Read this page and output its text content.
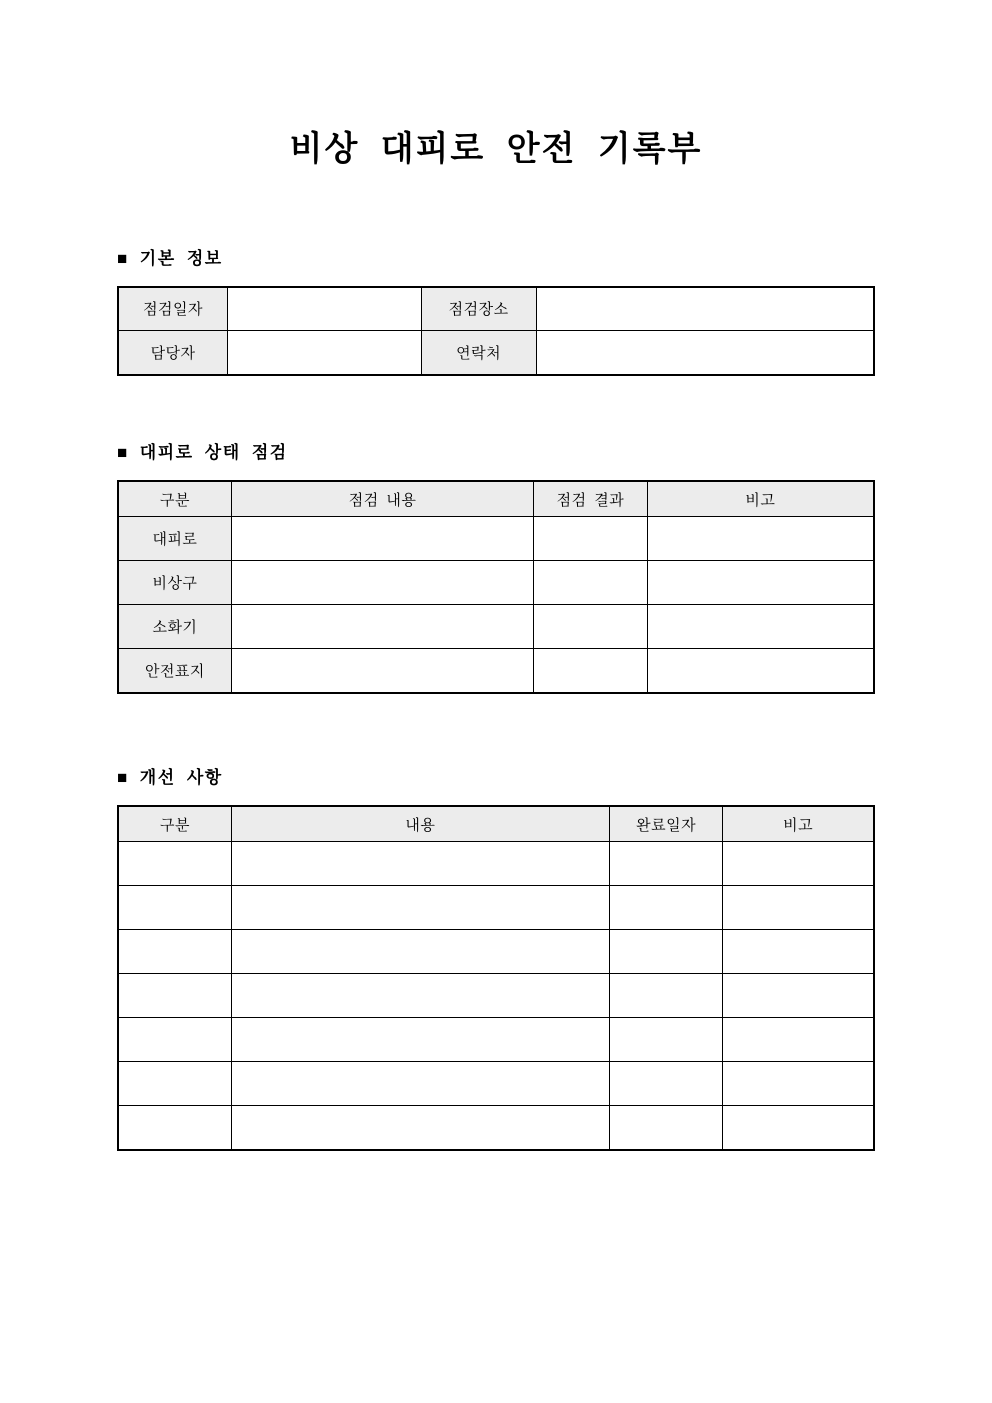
비상 대피로 안전 기록부
■ 기본 정보
점검일자		점검장소	
담당자		연락처	
■ 대피로 상태 점검
구분	점검 내용	점검 결과	비고
대피로			
비상구			
소화기			
안전표지			
■ 개선 사항
구분	내용	완료일자	비고
